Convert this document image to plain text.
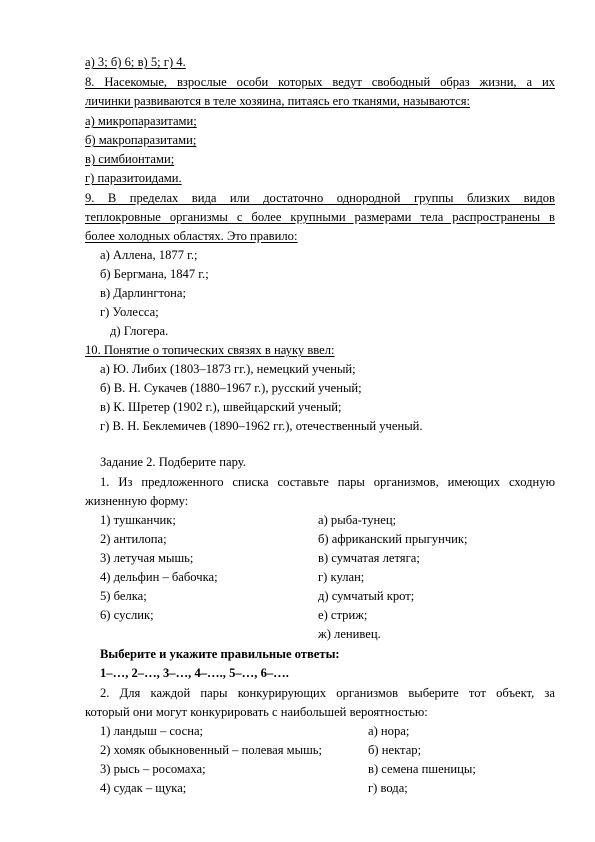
а) 3; б) 6; в) 5; г) 4.
8. Насекомые, взрослые особи которых ведут свободный образ жизни, а их
личинки развиваются в теле хозяина, питаясь его тканями, называются:
а) микропаразитами;
б) макропаразитами;
в) симбионтами;
г) паразитоидами.
9. В пределах вида или достаточно однородной группы близких видов
теплокровные организмы с более крупными размерами тела распространены в
более холодных областях. Это правило:
а) Аллена, 1877 г.;
б) Бергмана, 1847 г.;
в) Дарлингтона;
г) Уолесса;
д) Глогера.
10. Понятие о топических связях в науку ввел:
а) Ю. Либих (1803–1873 гг.), немецкий ученый;
б) В. Н. Сукачев (1880–1967 г.), русский ученый;
в) К. Шретер (1902 г.), швейцарский ученый;
г) В. Н. Беклемичев (1890–1962 гг.), отечественный ученый.
Задание 2. Подберите пару.
1. Из предложенного списка составьте пары организмов, имеющих сходную
жизненную форму:
1) тушканчик;
2) антилопа;
3) летучая мышь;
4) дельфин – бабочка;
5) белка;
6) суслик;
а) рыба-тунец;
б) африканский прыгунчик;
в) сумчатая летяга;
г) кулан;
д) сумчатый крот;
е) стриж;
ж) ленивец.
Выберите и укажите правильные ответы:
1–…, 2–…, 3–…, 4–…., 5–…, 6–….
2. Для каждой пары конкурирующих организмов выберите тот объект, за
который они могут конкурировать с наибольшей вероятностью:
1) ландыш – сосна;
2) хомяк обыкновенный – полевая мышь;
3) рысь – росомаха;
4) судак – щука;
а) нора;
б) нектар;
в) семена пшеницы;
г) вода;
